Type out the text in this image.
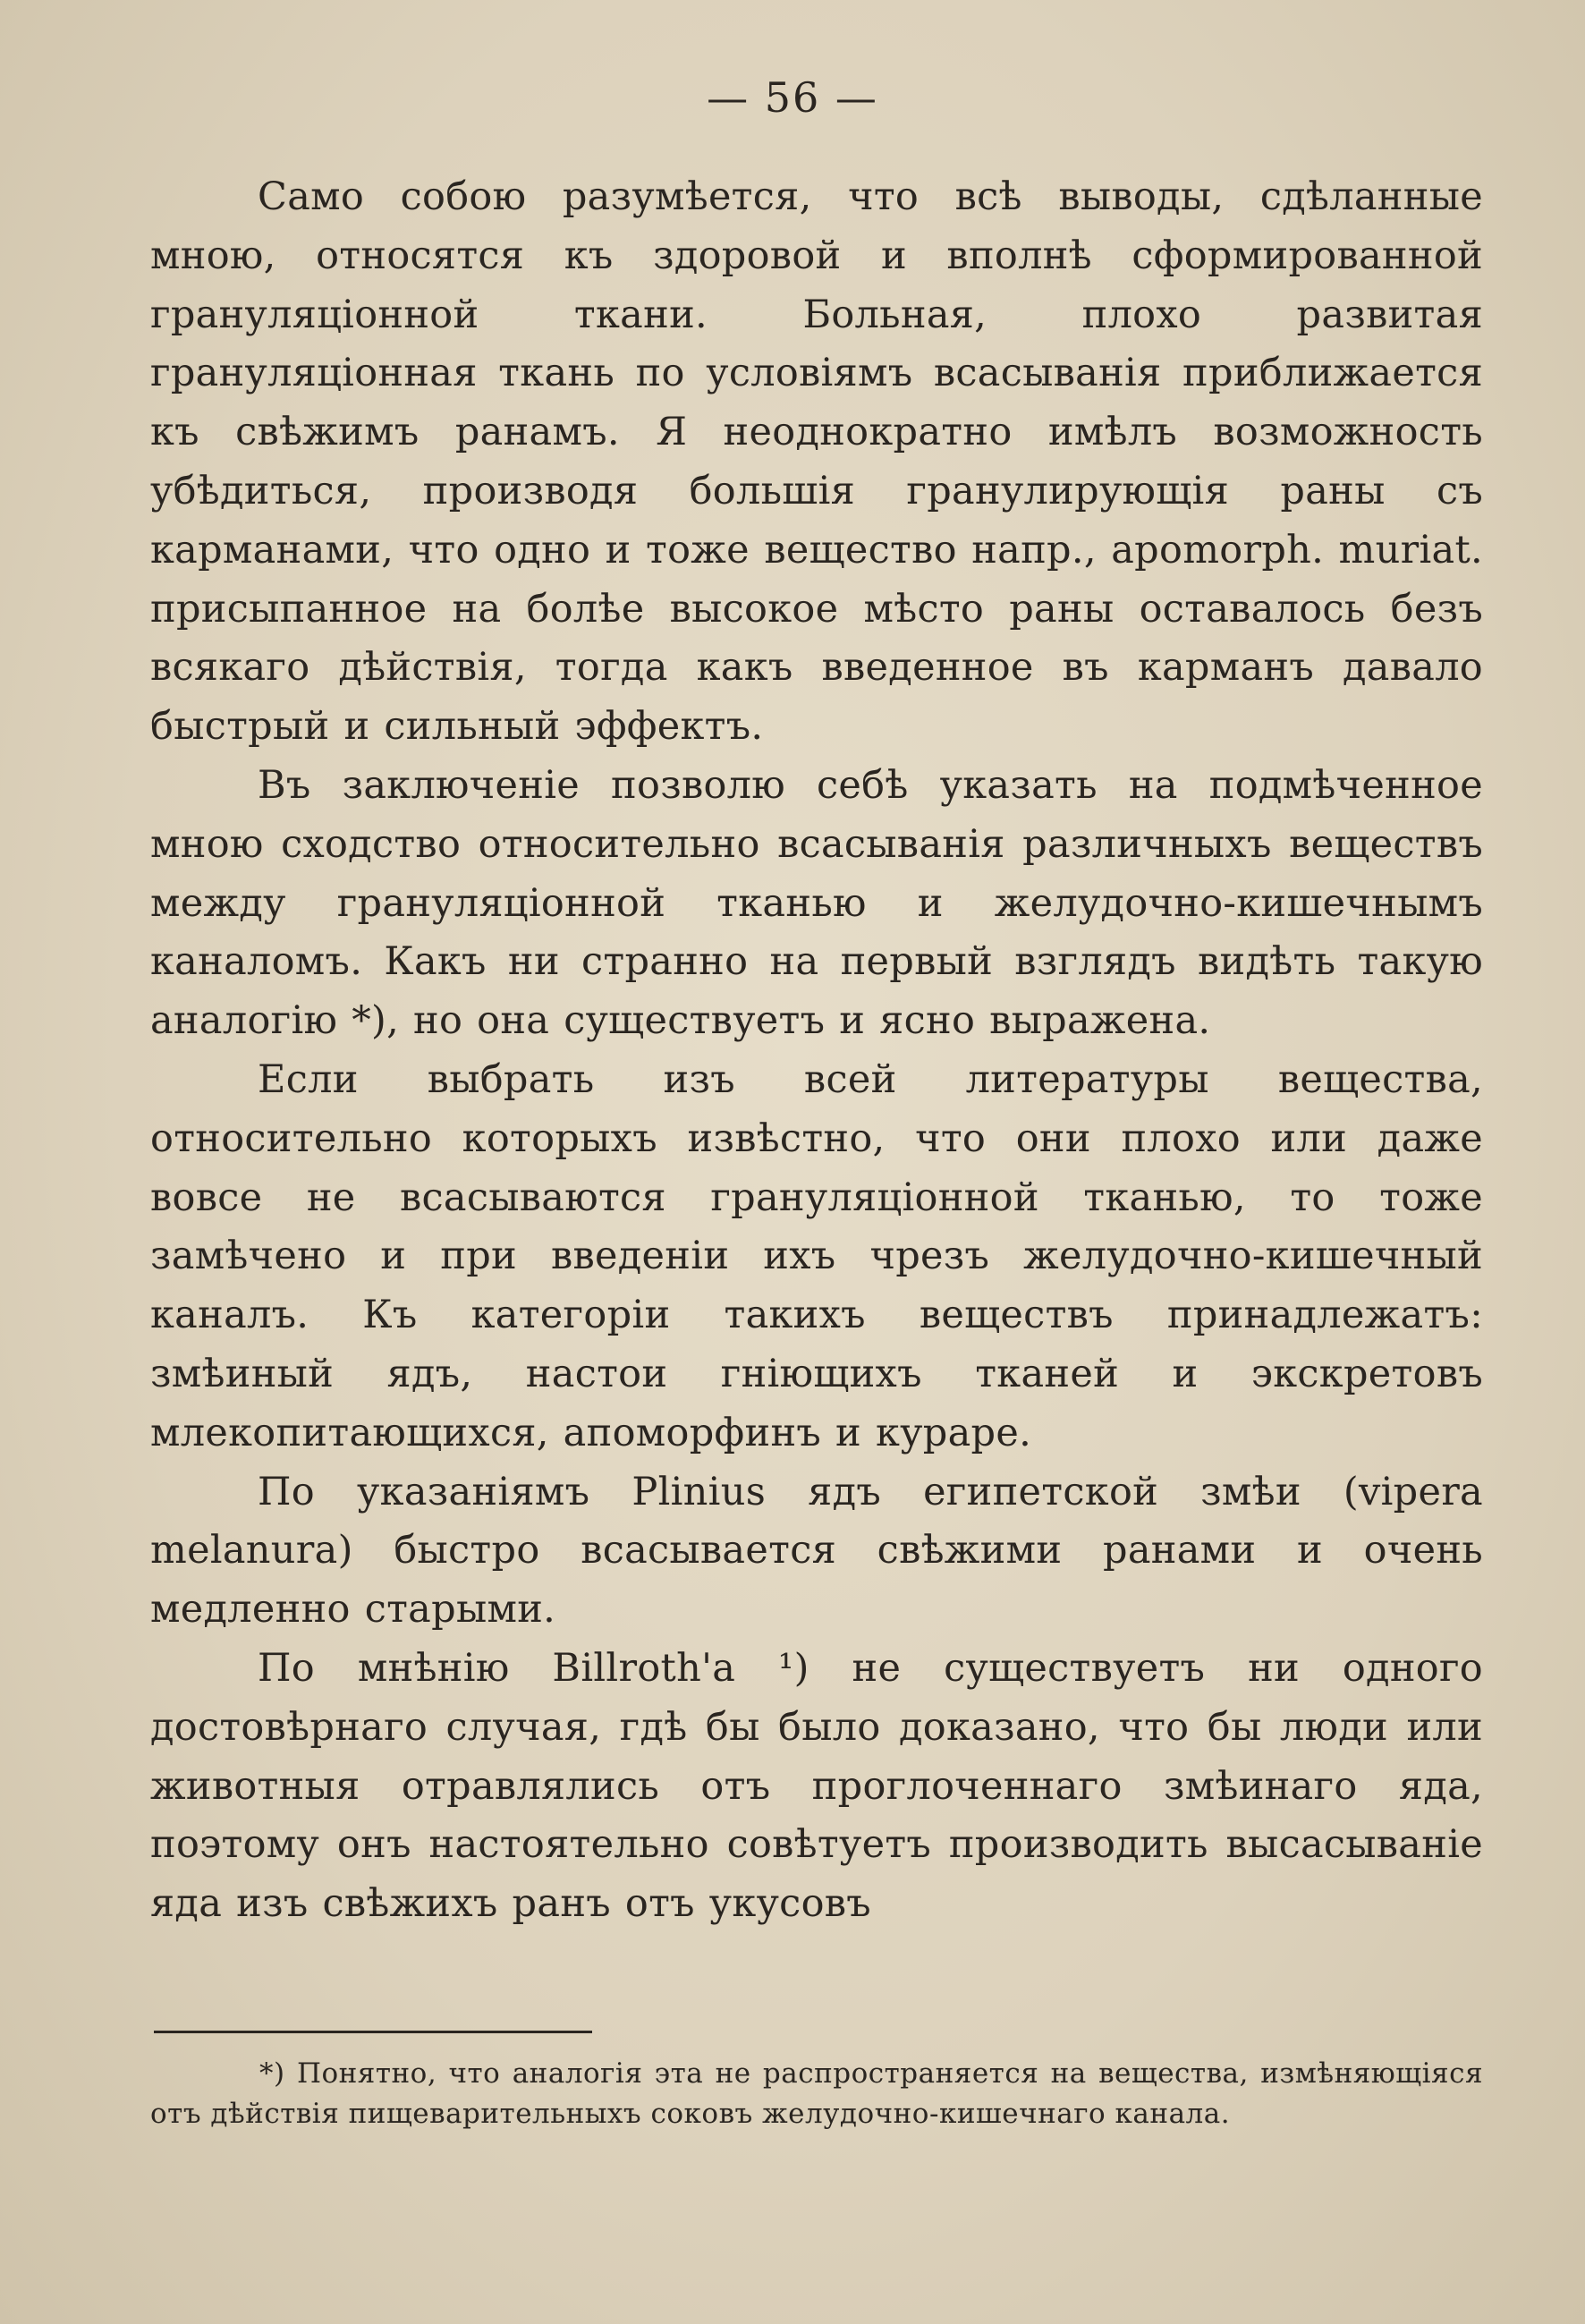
— 56 —

Само собою разумѣется, что всѣ выводы, сдѣланные мною, относятся къ здоровой и вполнѣ сформированной грануляціонной ткани. Больная, плохо развитая грануляціонная ткань по условіямъ всасыванія приближается къ свѣжимъ ранамъ. Я неоднократно имѣлъ возможность убѣдиться, производя большія гранулирующія раны съ карманами, что одно и тоже вещество напр., apomorph. muriat. присыпанное на болѣе высокое мѣсто раны оставалось безъ всякаго дѣйствія, тогда какъ введенное въ карманъ давало быстрый и сильный эффектъ.

Въ заключеніе позволю себѣ указать на подмѣченное мною сходство относительно всасыванія различныхъ веществъ между грануляціонной тканью и желудочно-кишечнымъ каналомъ. Какъ ни странно на первый взглядъ видѣть такую аналогію *), но она существуетъ и ясно выражена.

Если выбрать изъ всей литературы вещества, относительно которыхъ извѣстно, что они плохо или даже вовсе не всасываются грануляціонной тканью, то тоже замѣчено и при введеніи ихъ чрезъ желудочно-кишечный каналъ. Къ категоріи такихъ веществъ принадлежатъ: змѣиный ядъ, настои гніющихъ тканей и экскретовъ млекопитающихся, апоморфинъ и кураре.

По указаніямъ Plinius ядъ египетской змѣи (vipera melanura) быстро всасывается свѣжими ранами и очень медленно старыми.

По мнѣнію Billroth'а ¹) не существуетъ ни одного достовѣрнаго случая, гдѣ бы было доказано, что бы люди или животныя отравлялись отъ проглоченнаго змѣинаго яда, поэтому онъ настоятельно совѣтуетъ производить высасываніе яда изъ свѣжихъ ранъ отъ укусовъ

*) Понятно, что аналогія эта не распространяется на вещества, измѣняющіяся отъ дѣйствія пищеварительныхъ соковъ желудочно-кишечнаго канала.
